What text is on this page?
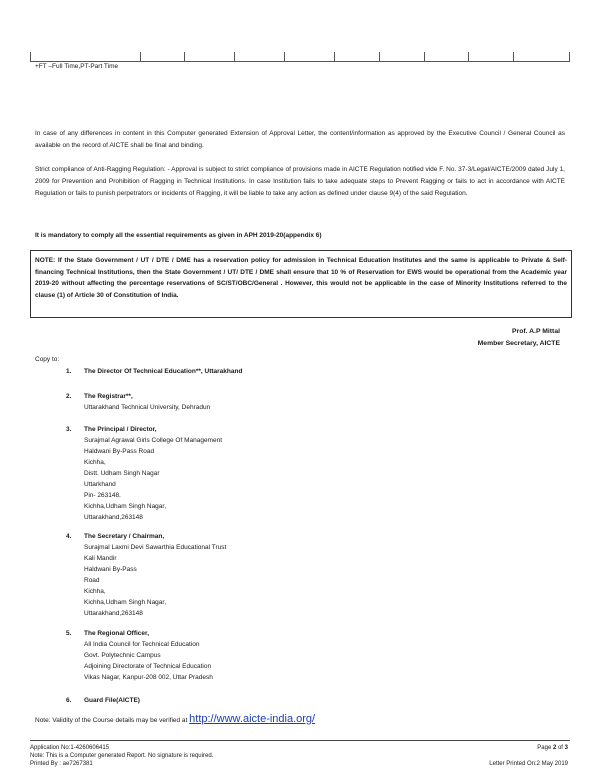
+FT –Full Time,PT-Part Time
In case of any differences in content in this Computer generated Extension of Approval Letter, the content/information as approved by the Executive Council / General Council as available on the record of AICTE shall be final and binding.
Strict compliance of Anti-Ragging Regulation: - Approval is subject to strict compliance of provisions made in AICTE Regulation notified vide F. No. 37-3/Legal/AICTE/2009 dated July 1, 2009 for Prevention and Prohibition of Ragging in Technical Institutions. In case Institution fails to take adequate steps to Prevent Ragging or fails to act in accordance with AICTE Regulation or fails to punish perpetrators or incidents of Ragging, it will be liable to take any action as defined under clause 9(4) of the said Regulation.
It is mandatory to comply all the essential requirements as given in APH 2019-20(appendix 6)
NOTE: If the State Government / UT / DTE / DME has a reservation policy for admission in Technical Education Institutes and the same is applicable to Private & Self-financing Technical Institutions, then the State Government / UT/ DTE / DME shall ensure that 10 % of Reservation for EWS would be operational from the Academic year 2019-20 without affecting the percentage reservations of SC/ST/OBC/General . However, this would not be applicable in the case of Minority Institutions referred to the clause (1) of Article 30 of Constitution of India.
Prof. A.P Mittal
Member Secretary, AICTE
Copy to:
1.	The Director Of Technical Education**, Uttarakhand
2.	The Registrar**,
Uttarakhand Technical University, Dehradun
3.	The Principal / Director,
Surajmal Agrawal Girls College Of Management
Haldwani By-Pass Road
Kichha,
Distt. Udham Singh Nagar
Uttarkhand
Pin- 263148.
Kichha,Udham Singh Nagar,
Uttarakhand,263148
4.	The Secretary / Chairman,
Surajmal Laxmi Devi Sawarthia Educational Trust
Kali Mandir
Haldwani By-Pass
Road
Kichha,
Kichha,Udham Singh Nagar,
Uttarakhand,263148
5.	The Regional Officer,
All India Council for Technical Education
Govt. Polytechnic Campus
Adjoining Directorate of Technical Education
Vikas Nagar, Kanpur-208 002, Uttar Pradesh
6.	Guard File(AICTE)
Note: Validity of the Course details may be verified at http://www.aicte-india.org/
Application No:1-4260606415
Note: This is a Computer generated Report. No signature is required.
Printed By : ae7267381
Page 2 of 3
Letter Printed On:2 May 2019
